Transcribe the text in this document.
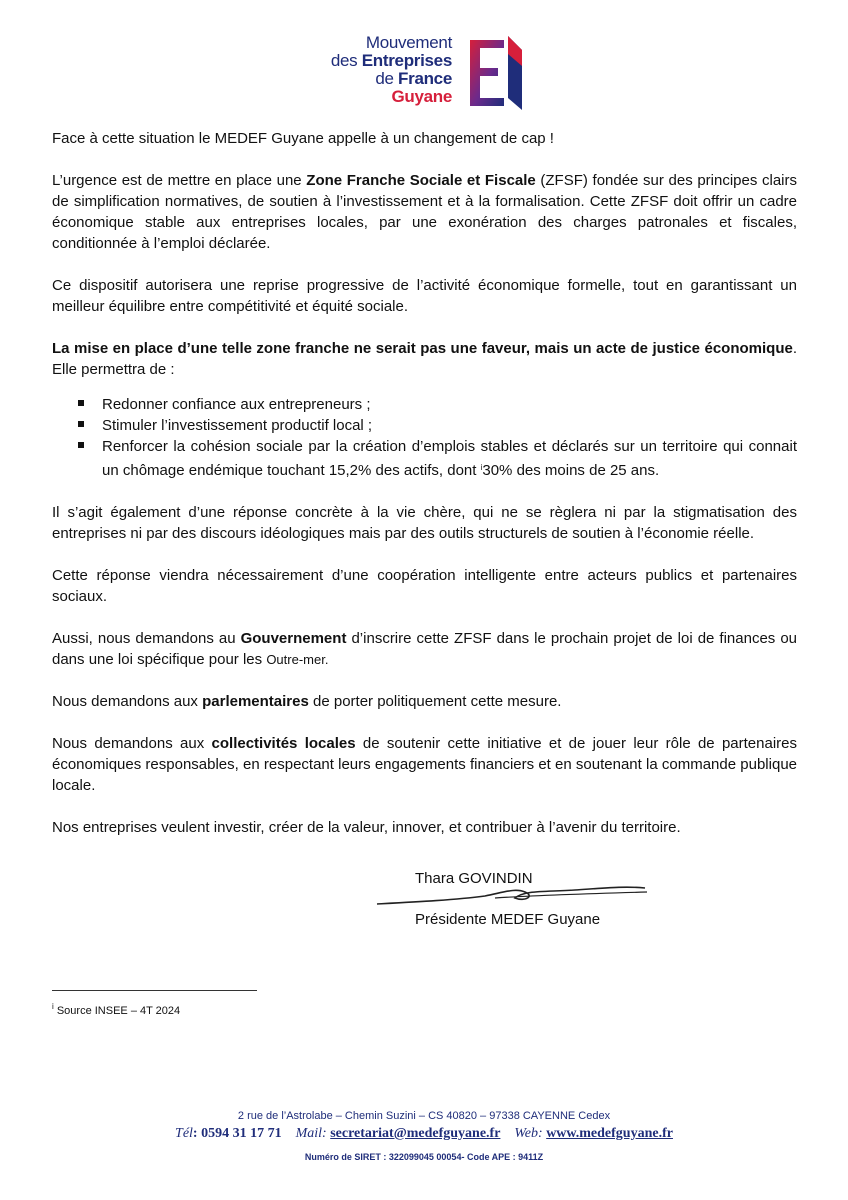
Mouvement
des Entreprises
de France
Guyane

Face à cette situation le MEDEF Guyane appelle à un changement de cap !

L’urgence est de mettre en place une Zone Franche Sociale et Fiscale (ZFSF) fondée sur des principes clairs de simplification normatives, de soutien à l’investissement et à la formalisation. Cette ZFSF doit offrir un cadre économique stable aux entreprises locales, par une exonération des charges patronales et fiscales, conditionnée à l’emploi déclarée.

Ce dispositif autorisera une reprise progressive de l’activité économique formelle, tout en garantissant un meilleur équilibre entre compétitivité et équité sociale.

La mise en place d’une telle zone franche ne serait pas une faveur, mais un acte de justice économique. Elle permettra de :

Redonner confiance aux entrepreneurs ;
Stimuler l’investissement productif local ;
Renforcer la cohésion sociale par la création d’emplois stables et déclarés sur un territoire qui connait un chômage endémique touchant 15,2% des actifs, dont $^i$30% des moins de 25 ans.

Il s’agit également d’une réponse concrète à la vie chère, qui ne se règlera ni par la stigmatisation des entreprises ni par des discours idéologiques mais par des outils structurels de soutien à l’économie réelle.

Cette réponse viendra nécessairement d’une coopération intelligente entre acteurs publics et partenaires sociaux.

Aussi, nous demandons au Gouvernement d’inscrire cette ZFSF dans le prochain projet de loi de finances ou dans une loi spécifique pour les Outre-mer.

Nous demandons aux parlementaires de porter politiquement cette mesure.

Nous demandons aux collectivités locales de soutenir cette initiative et de jouer leur rôle de partenaires économiques responsables, en respectant leurs engagements financiers et en soutenant la commande publique locale.

Nos entreprises veulent investir, créer de la valeur, innover, et contribuer à l’avenir du territoire.

Thara GOVINDIN
Présidente MEDEF Guyane
$^i$ Source INSEE – 4T 2024
2 rue de l’Astrolabe – Chemin Suzini – CS 40820 – 97338 CAYENNE Cedex
Tél: 0594 31 17 71 Mail: secretariat@medefguyane.fr Web: www.medefguyane.fr
Numéro de SIRET : 322099045 00054- Code APE : 9411Z
